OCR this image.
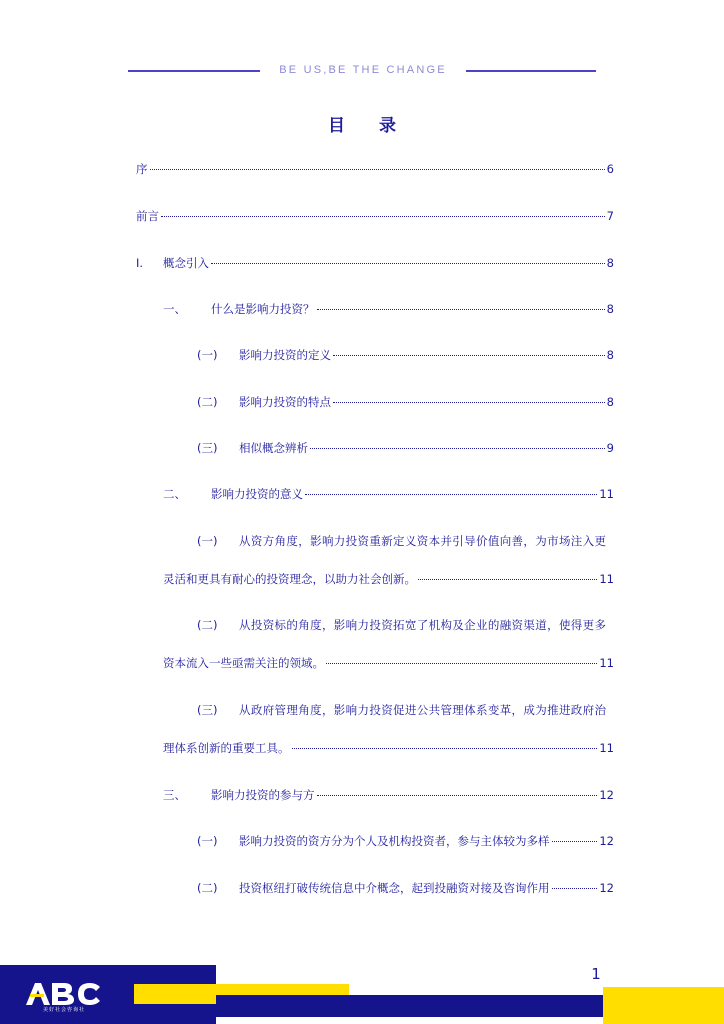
BE US,BE THE CHANGE
目 录
序	6
前言	7
I.	概念引入	8
一、	什么是影响力投资？	8
(一)	影响力投资的定义	8
(二)	影响力投资的特点	8
(三)	相似概念辨析	9
二、	影响力投资的意义	11
(一)	从资方角度，影响力投资重新定义资本并引导价值向善，为市场注入更
灵活和更具有耐心的投资理念，以助力社会创新。	11
(二)	从投资标的角度，影响力投资拓宽了机构及企业的融资渠道，使得更多
资本流入一些亟需关注的领域。	11
(三)	从政府管理角度，影响力投资促进公共管理体系变革，成为推进政府治
理体系创新的重要工具。	11
三、	影响力投资的参与方	12
(一)	影响力投资的资方分为个人及机构投资者，参与主体较为多样	12
(二)	投资枢纽打破传统信息中介概念，起到投融资对接及咨询作用	12
1
美好社会咨询社
